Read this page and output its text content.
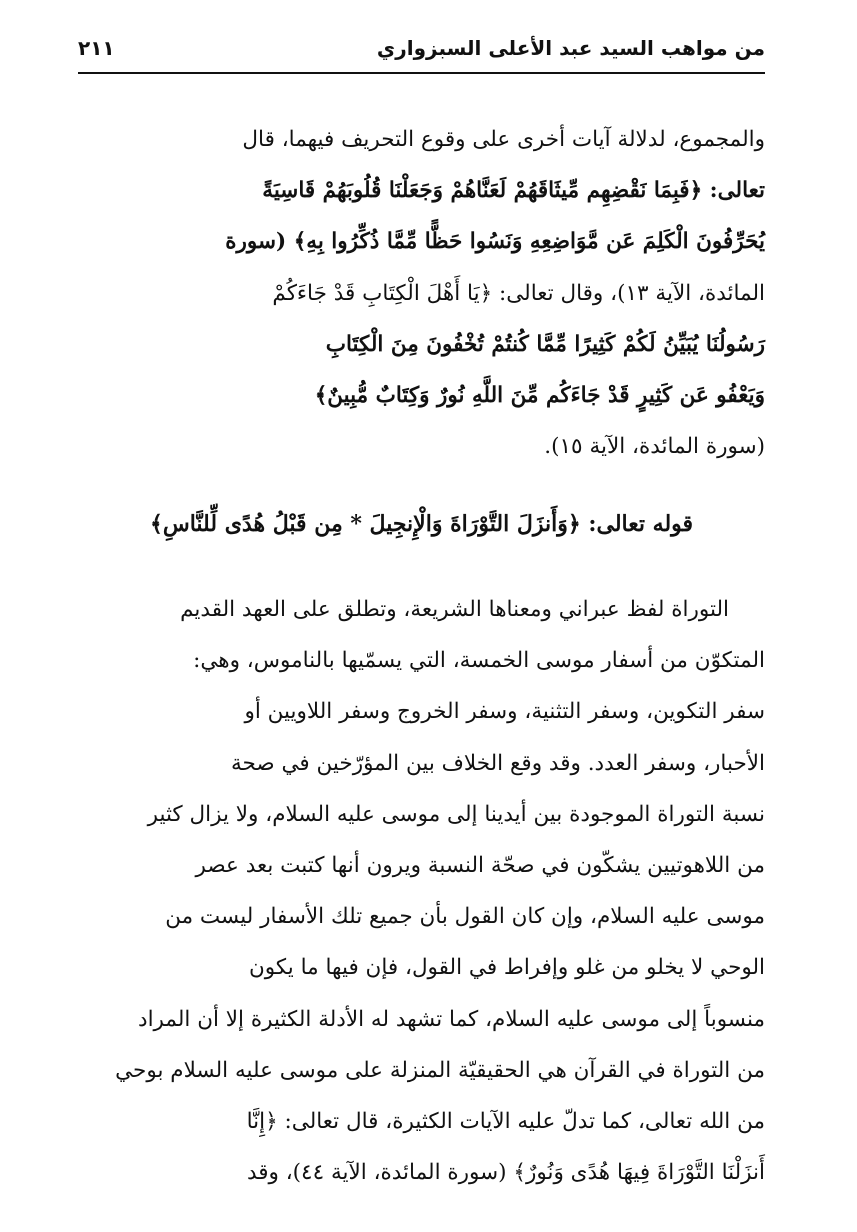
من مواهب السيد عبد الأعلى السبزواري
٢١١

والمجموع، لدلالة آيات أخرى على وقوع التحريف فيهما، قال
تعالى: ﴿فَبِمَا نَقْضِهِم مِّيثَاقَهُمْ لَعَنَّاهُمْ وَجَعَلْنَا قُلُوبَهُمْ قَاسِيَةً
يُحَرِّفُونَ الْكَلِمَ عَن مَّوَاضِعِهِ وَنَسُوا حَظًّا مِّمَّا ذُكِّرُوا بِهِ﴾ (سورة
المائدة، الآية ١٣)، وقال تعالى: ﴿يَا أَهْلَ الْكِتَابِ قَدْ جَاءَكُمْ
رَسُولُنَا يُبَيِّنُ لَكُمْ كَثِيرًا مِّمَّا كُنتُمْ تُخْفُونَ مِنَ الْكِتَابِ
وَيَعْفُو عَن كَثِيرٍ قَدْ جَاءَكُم مِّنَ اللَّهِ نُورٌ وَكِتَابٌ مُّبِينٌ﴾
(سورة المائدة، الآية ١٥).

قوله تعالى: ﴿وَأَنزَلَ التَّوْرَاةَ وَالْإِنجِيلَ * مِن قَبْلُ هُدًى لِّلنَّاسِ﴾

التوراة لفظ عبراني ومعناها الشريعة، وتطلق على العهد القديم
المتكوّن من أسفار موسى الخمسة، التي يسمّيها بالناموس، وهي:
سفر التكوين، وسفر التثنية، وسفر الخروج وسفر اللاويين أو
الأحبار، وسفر العدد. وقد وقع الخلاف بين المؤرّخين في صحة
نسبة التوراة الموجودة بين أيدينا إلى موسى عليه السلام، ولا يزال كثير
من اللاهوتيين يشكّون في صحّة النسبة ويرون أنها كتبت بعد عصر
موسى عليه السلام، وإن كان القول بأن جميع تلك الأسفار ليست من
الوحي لا يخلو من غلو وإفراط في القول، فإن فيها ما يكون
منسوباً إلى موسى عليه السلام، كما تشهد له الأدلة الكثيرة إلا أن المراد
من التوراة في القرآن هي الحقيقيّة المنزلة على موسى عليه السلام بوحي
من الله تعالى، كما تدلّ عليه الآيات الكثيرة، قال تعالى: ﴿إِنَّا
أَنزَلْنَا التَّوْرَاةَ فِيهَا هُدًى وَنُورٌ﴾ (سورة المائدة، الآية ٤٤)، وقد
